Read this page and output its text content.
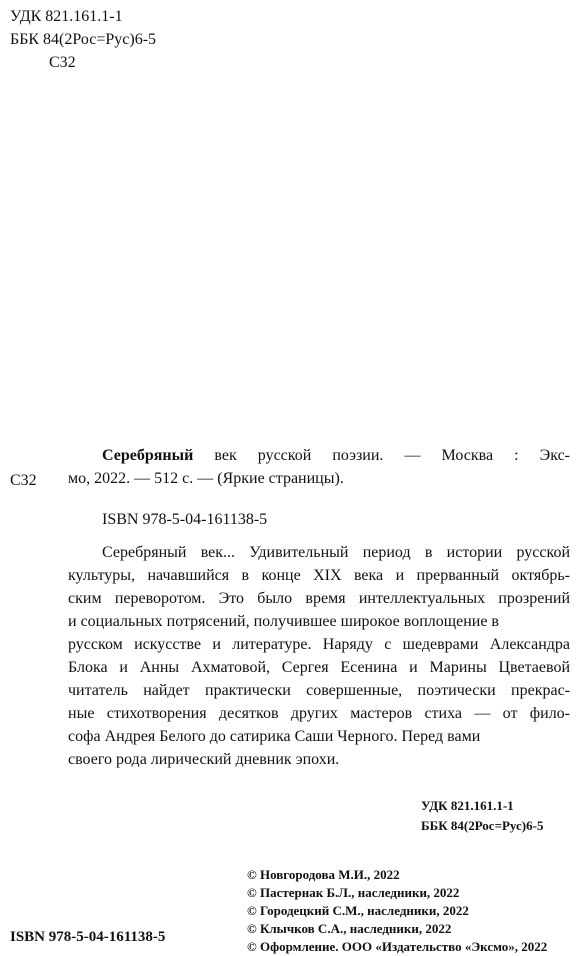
УДК 821.161.1-1
ББК 84(2Рос=Рус)6-5
С32
С32
Серебряный век русской поэзии. — Москва : Экс-
мо, 2022. — 512 с. — (Яркие страницы).
ISBN 978-5-04-161138-5
Серебряный век... Удивительный период в истории русской
культуры, начавшийся в конце XIX века и прерванный октябрь-
ским переворотом. Это было время интеллектуальных прозрений
и социальных потрясений, получившее широкое воплощение в
русском искусстве и литературе. Наряду с шедеврами Александра
Блока и Анны Ахматовой, Сергея Есенина и Марины Цветаевой
читатель найдет практически совершенные, поэтически прекрас-
ные стихотворения десятков других мастеров стиха — от фило-
софа Андрея Белого до сатирика Саши Черного. Перед вами
своего рода лирический дневник эпохи.
УДК 821.161.1-1
ББК 84(2Рос=Рус)6-5
© Новгородова М.И., 2022
© Пастернак Б.Л., наследники, 2022
© Городецкий С.М., наследники, 2022
© Клычков С.А., наследники, 2022
© Оформление. ООО «Издательство «Эксмо», 2022
ISBN 978-5-04-161138-5
